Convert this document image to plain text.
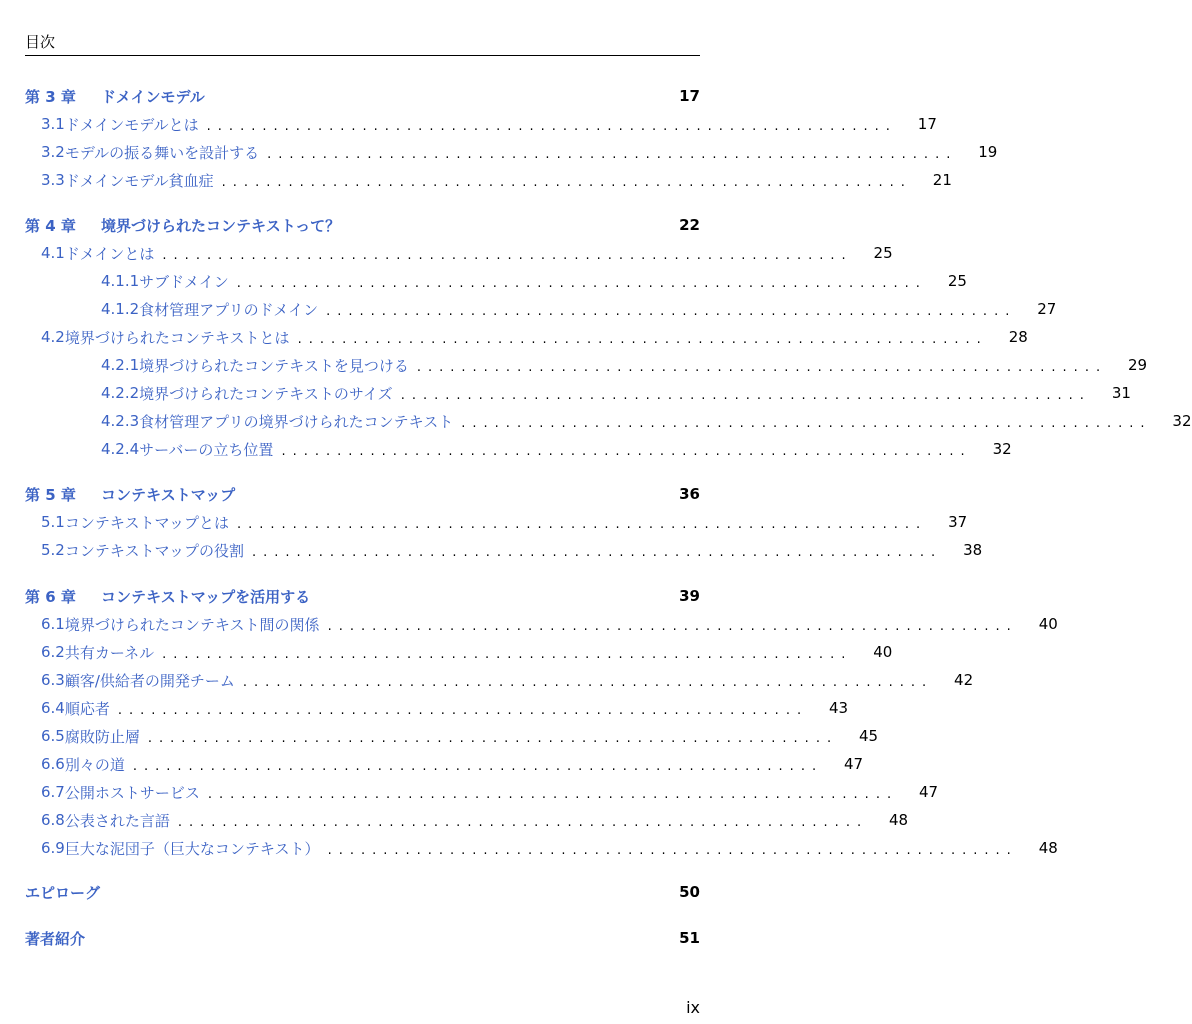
目次
第 3 章	ドメインモデル	17
3.1 ドメインモデルとは ..............................................................	17
3.2 モデルの振る舞いを設計する ..............................................................	19
3.3 ドメインモデル貧血症 ..............................................................	21
第 4 章	境界づけられたコンテキストって？	22
4.1 ドメインとは ..............................................................	25
4.1.1 サブドメイン ..............................................................	25
4.1.2 食材管理アプリのドメイン ..............................................................	27
4.2 境界づけられたコンテキストとは ..............................................................	28
4.2.1 境界づけられたコンテキストを見つける ..............................................................	29
4.2.2 境界づけられたコンテキストのサイズ ..............................................................	31
4.2.3 食材管理アプリの境界づけられたコンテキスト ..............................................................	32
4.2.4 サーバーの立ち位置 ..............................................................	32
第 5 章	コンテキストマップ	36
5.1 コンテキストマップとは ..............................................................	37
5.2 コンテキストマップの役割 ..............................................................	38
第 6 章	コンテキストマップを活用する	39
6.1 境界づけられたコンテキスト間の関係 ..............................................................	40
6.2 共有カーネル ..............................................................	40
6.3 顧客/供給者の開発チーム ..............................................................	42
6.4 順応者 ..............................................................	43
6.5 腐敗防止層 ..............................................................	45
6.6 別々の道 ..............................................................	47
6.7 公開ホストサービス ..............................................................	47
6.8 公表された言語 ..............................................................	48
6.9 巨大な泥団子（巨大なコンテキスト） ..............................................................	48
エピローグ	50
著者紹介	51
ix
